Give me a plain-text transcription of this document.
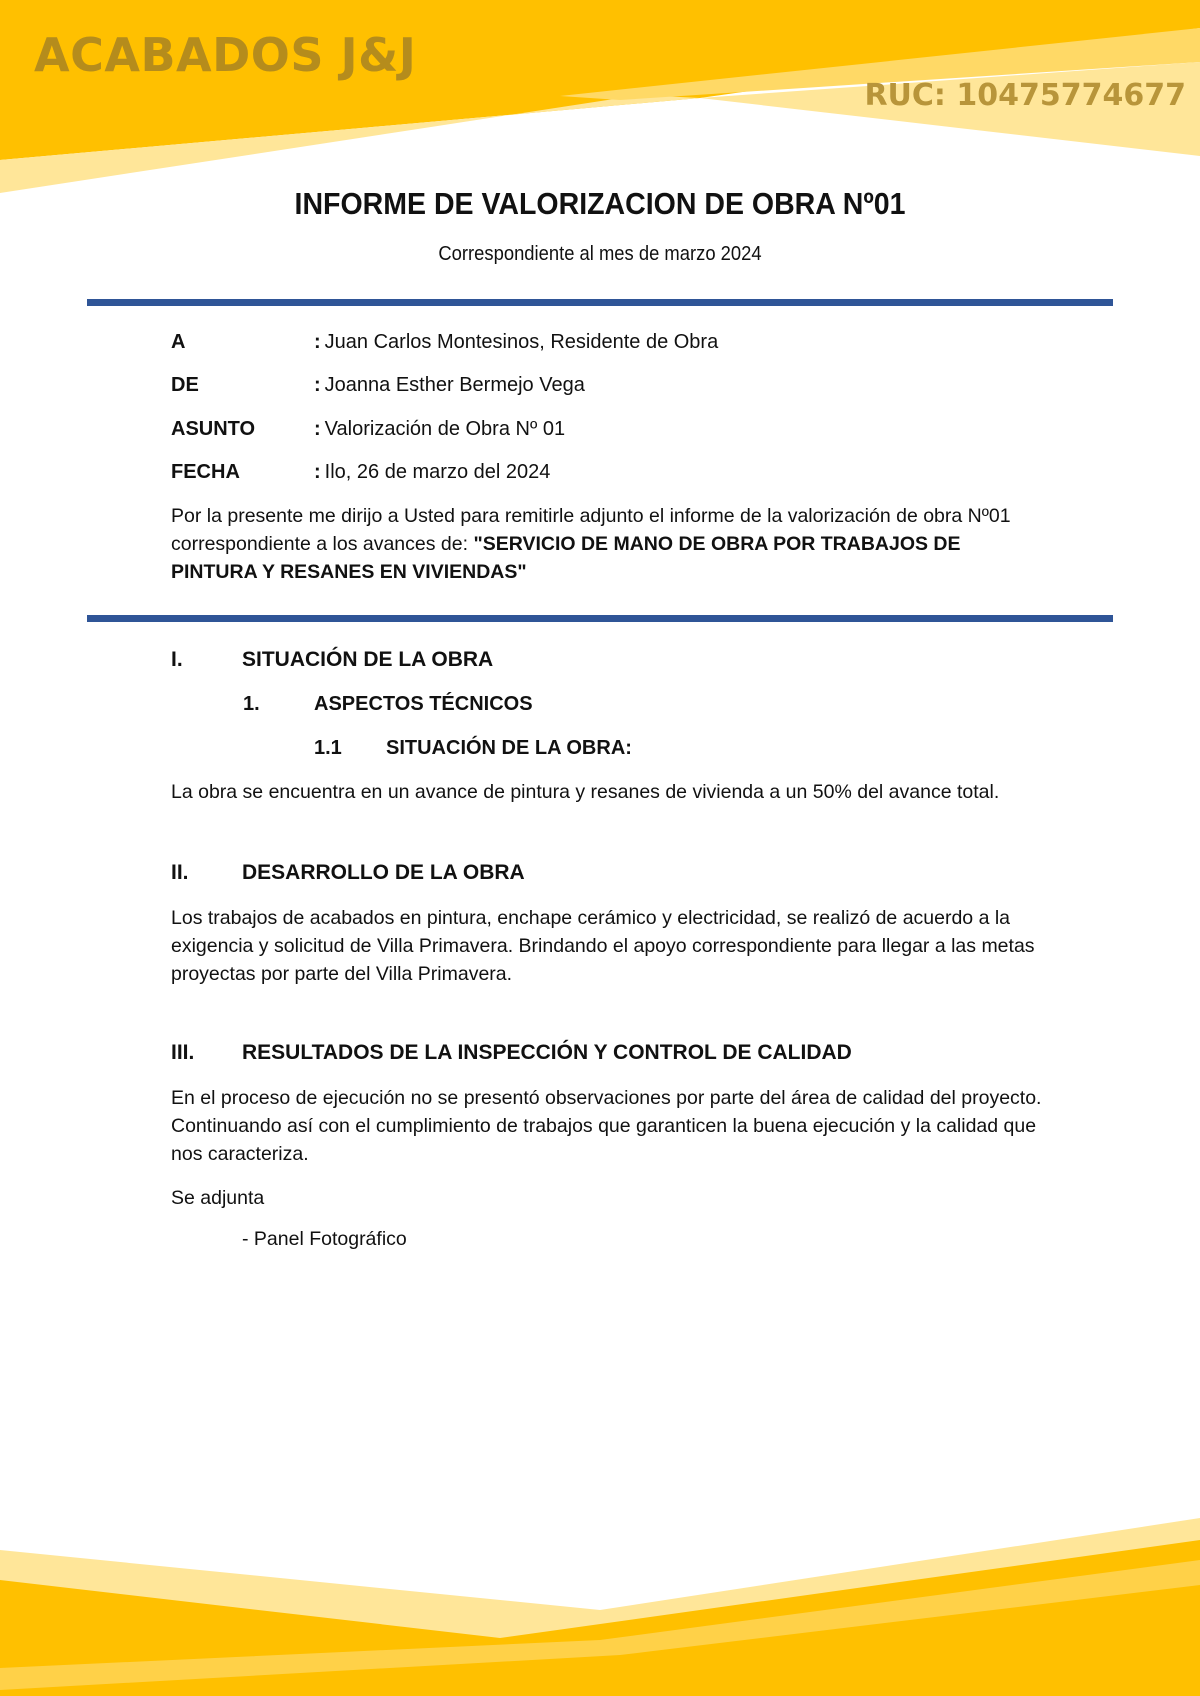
ACABADOS J&J
RUC: 10475774677
INFORME DE VALORIZACION DE OBRA Nº01

Correspondiente al mes de marzo 2024

A	: Juan Carlos Montesinos, Residente de Obra
DE	: Joanna Esther Bermejo Vega
ASUNTO	: Valorización de Obra Nº 01
FECHA	: Ilo, 26 de marzo del 2024

Por la presente me dirijo a Usted para remitirle adjunto el informe de la valorización de obra Nº01 correspondiente a los avances de: "SERVICIO DE MANO DE OBRA POR TRABAJOS DE PINTURA Y RESANES EN VIVIENDAS"

I.	SITUACIÓN DE LA OBRA
1.	ASPECTOS TÉCNICOS
1.1 SITUACIÓN DE LA OBRA:

La obra se encuentra en un avance de pintura y resanes de vivienda a un 50% del avance total.

II.	DESARROLLO DE LA OBRA

Los trabajos de acabados en pintura, enchape cerámico y electricidad, se realizó de acuerdo a la exigencia y solicitud de Villa Primavera. Brindando el apoyo correspondiente para llegar a las metas proyectas por parte del Villa Primavera.

III. RESULTADOS DE LA INSPECCIÓN Y CONTROL DE CALIDAD

En el proceso de ejecución no se presentó observaciones por parte del área de calidad del proyecto. Continuando así con el cumplimiento de trabajos que garanticen la buena ejecución y la calidad que nos caracteriza.

Se adjunta

- Panel Fotográfico
